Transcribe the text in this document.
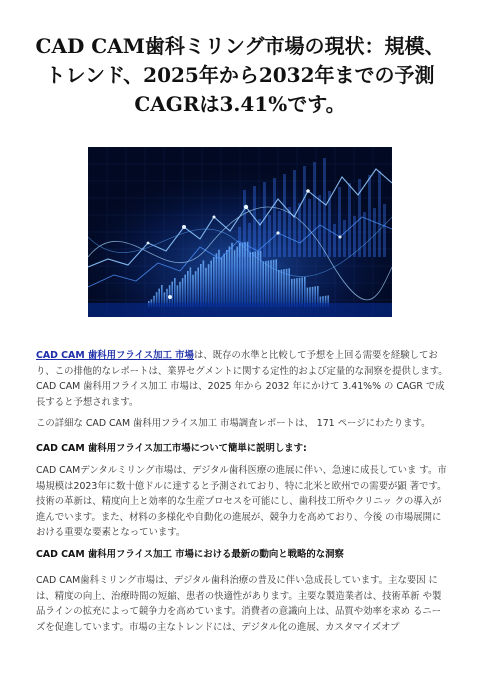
CAD CAM歯科ミリング市場の現状：規模、トレンド、2025年から2032年までの予測CAGRは3.41%です。

CAD CAM 歯科用フライス加工 市場は、既存の水準と比較して予想を上回る需要を経験しており、この排他的なレポートは、業界セグメントに関する定性的および定量的な洞察を提供します。 CAD CAM 歯科用フライス加工 市場は、2025 年から 2032 年にかけて 3.41%% の CAGR で成長すると予想されます。

この詳細な CAD CAM 歯科用フライス加工 市場調査レポートは、 171 ページにわたります。

CAD CAM 歯科用フライス加工市場について簡単に説明します:

CAD CAMデンタルミリング市場は、デジタル歯科医療の進展に伴い、急速に成長していま す。市場規模は2023年に数十億ドルに達すると予測されており、特に北米と欧州での需要が顕 著です。技術の革新は、精度向上と効率的な生産プロセスを可能にし、歯科技工所やクリニッ クの導入が進んでいます。また、材料の多様化や自動化の進展が、競争力を高めており、今後 の市場展開における重要な要素となっています。

CAD CAM 歯科用フライス加工 市場における最新の動向と戦略的な洞察

CAD CAM歯科ミリング市場は、デジタル歯科治療の普及に伴い急成長しています。主な要因 には、精度の向上、治療時間の短縮、患者の快適性があります。主要な製造業者は、技術革新 や製品ラインの拡充によって競争力を高めています。消費者の意識向上は、品質や効率を求め るニーズを促進しています。市場の主なトレンドには、デジタル化の進展、カスタマイズオプ
